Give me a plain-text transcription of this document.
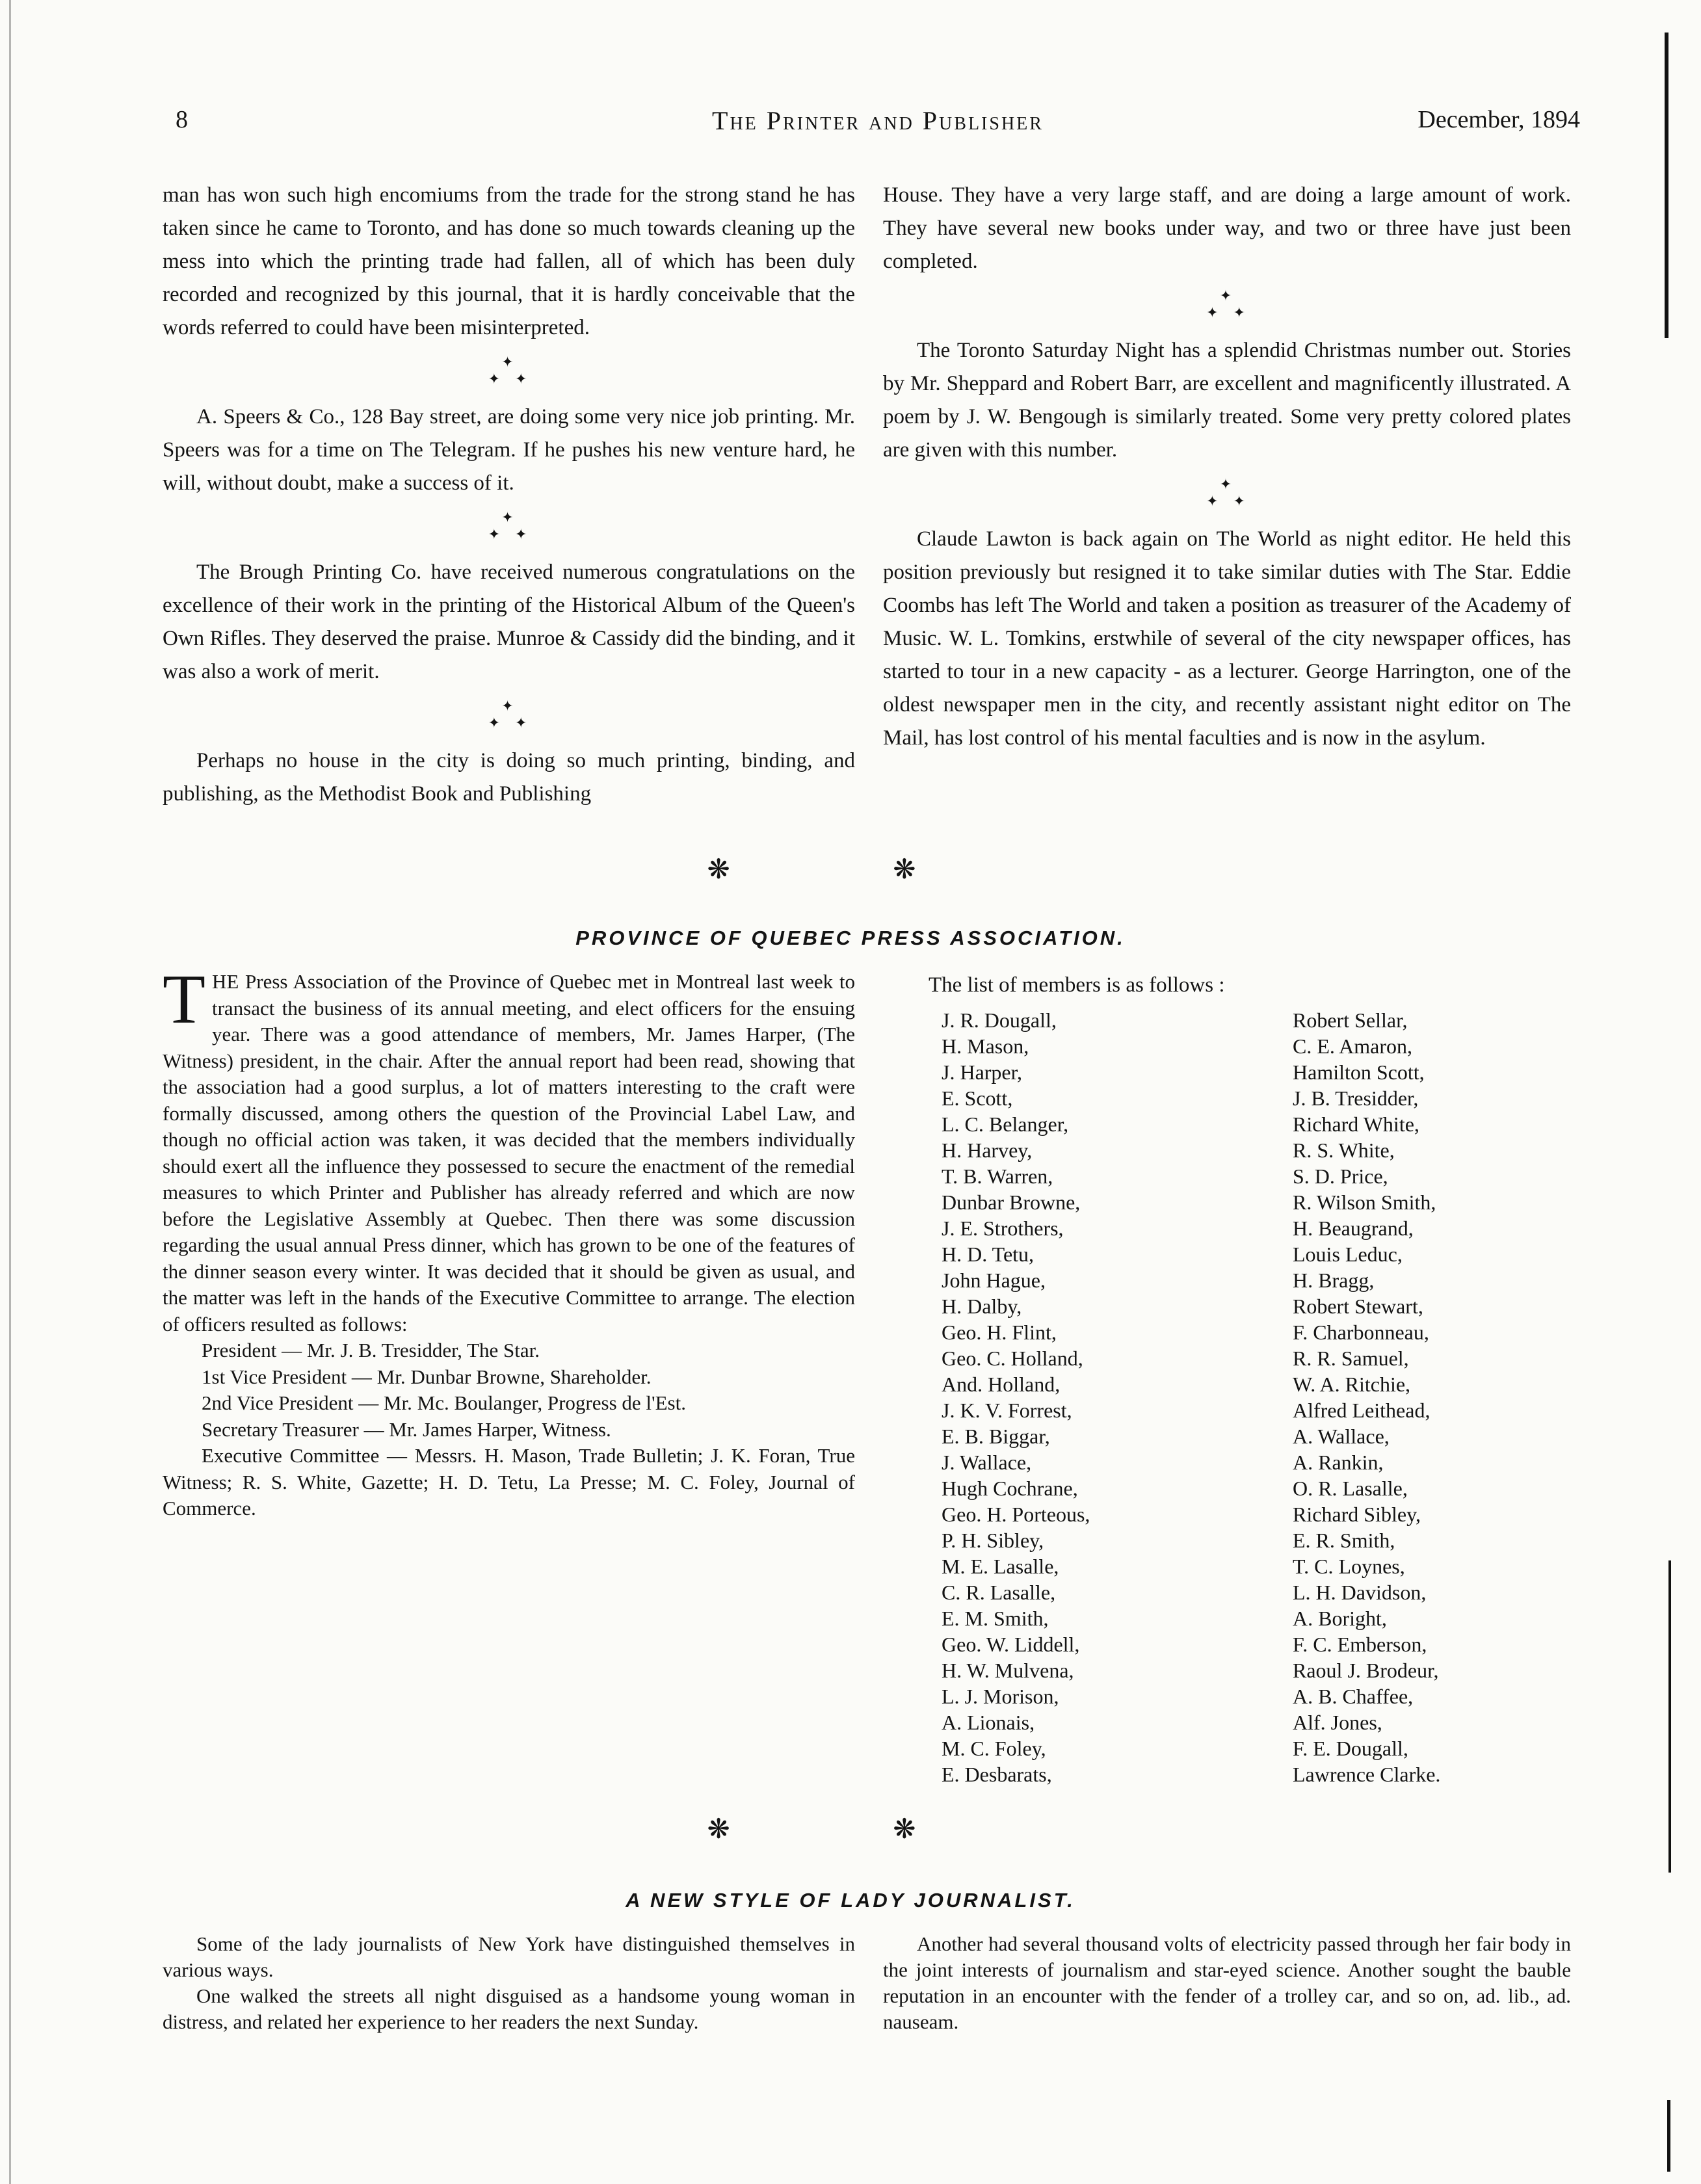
8	The Printer and Publisher	December, 1894

man has won such high encomiums from the trade for the strong stand he has taken since he came to Toronto, and has done so much towards cleaning up the mess into which the printing trade had fallen, all of which has been duly recorded and recognized by this journal, that it is hardly conceivable that the words referred to could have been misinterpreted.

✦
✦  ✦

A. Speers & Co., 128 Bay street, are doing some very nice job printing. Mr. Speers was for a time on The Telegram. If he pushes his new venture hard, he will, without doubt, make a success of it.

✦
✦  ✦

The Brough Printing Co. have received numerous congratulations on the excellence of their work in the printing of the Historical Album of the Queen's Own Rifles. They deserved the praise. Munroe & Cassidy did the binding, and it was also a work of merit.

✦
✦  ✦

Perhaps no house in the city is doing so much printing, binding, and publishing, as the Methodist Book and Publishing

House. They have a very large staff, and are doing a large amount of work. They have several new books under way, and two or three have just been completed.

✦
✦  ✦

The Toronto Saturday Night has a splendid Christmas number out. Stories by Mr. Sheppard and Robert Barr, are excellent and magnificently illustrated. A poem by J. W. Bengough is similarly treated. Some very pretty colored plates are given with this number.

✦
✦  ✦

Claude Lawton is back again on The World as night editor. He held this position previously but resigned it to take similar duties with The Star. Eddie Coombs has left The World and taken a position as treasurer of the Academy of Music. W. L. Tomkins, erstwhile of several of the city newspaper offices, has started to tour in a new capacity - as a lecturer. George Harrington, one of the oldest newspaper men in the city, and recently assistant night editor on The Mail, has lost control of his mental faculties and is now in the asylum.

❋ ❋
PROVINCE OF QUEBEC PRESS ASSOCIATION.

THE Press Association of the Province of Quebec met in Montreal last week to transact the business of its annual meeting, and elect officers for the ensuing year. There was a good attendance of members, Mr. James Harper, (The Witness) president, in the chair. After the annual report had been read, showing that the association had a good surplus, a lot of matters interesting to the craft were formally discussed, among others the question of the Provincial Label Law, and though no official action was taken, it was decided that the members individually should exert all the influence they possessed to secure the enactment of the remedial measures to which Printer and Publisher has already referred and which are now before the Legislative Assembly at Quebec. Then there was some discussion regarding the usual annual Press dinner, which has grown to be one of the features of the dinner season every winter. It was decided that it should be given as usual, and the matter was left in the hands of the Executive Committee to arrange. The election of officers resulted as follows:

President — Mr. J. B. Tresidder, The Star.

1st Vice President — Mr. Dunbar Browne, Shareholder.

2nd Vice President — Mr. Mc. Boulanger, Progress de l'Est.

Secretary Treasurer — Mr. James Harper, Witness.

Executive Committee — Messrs. H. Mason, Trade Bulletin; J. K. Foran, True Witness; R. S. White, Gazette; H. D. Tetu, La Presse; M. C. Foley, Journal of Commerce.

The list of members is as follows :
J. R. Dougall,
H. Mason,
J. Harper,
E. Scott,
L. C. Belanger,
H. Harvey,
T. B. Warren,
Dunbar Browne,
J. E. Strothers,
H. D. Tetu,
John Hague,
H. Dalby,
Geo. H. Flint,
Geo. C. Holland,
And. Holland,
J. K. V. Forrest,
E. B. Biggar,
J. Wallace,
Hugh Cochrane,
Geo. H. Porteous,
P. H. Sibley,
M. E. Lasalle,
C. R. Lasalle,
E. M. Smith,
Geo. W. Liddell,
H. W. Mulvena,
L. J. Morison,
A. Lionais,
M. C. Foley,
E. Desbarats,
Robert Sellar,
C. E. Amaron,
Hamilton Scott,
J. B. Tresidder,
Richard White,
R. S. White,
S. D. Price,
R. Wilson Smith,
H. Beaugrand,
Louis Leduc,
H. Bragg,
Robert Stewart,
F. Charbonneau,
R. R. Samuel,
W. A. Ritchie,
Alfred Leithead,
A. Wallace,
A. Rankin,
O. R. Lasalle,
Richard Sibley,
E. R. Smith,
T. C. Loynes,
L. H. Davidson,
A. Boright,
F. C. Emberson,
Raoul J. Brodeur,
A. B. Chaffee,
Alf. Jones,
F. E. Dougall,
Lawrence Clarke.
❋ ❋
A NEW STYLE OF LADY JOURNALIST.

Some of the lady journalists of New York have distinguished themselves in various ways.

One walked the streets all night disguised as a handsome young woman in distress, and related her experience to her readers the next Sunday.

Another had several thousand volts of electricity passed through her fair body in the joint interests of journalism and star-eyed science. Another sought the bauble reputation in an encounter with the fender of a trolley car, and so on, ad. lib., ad. nauseam.
